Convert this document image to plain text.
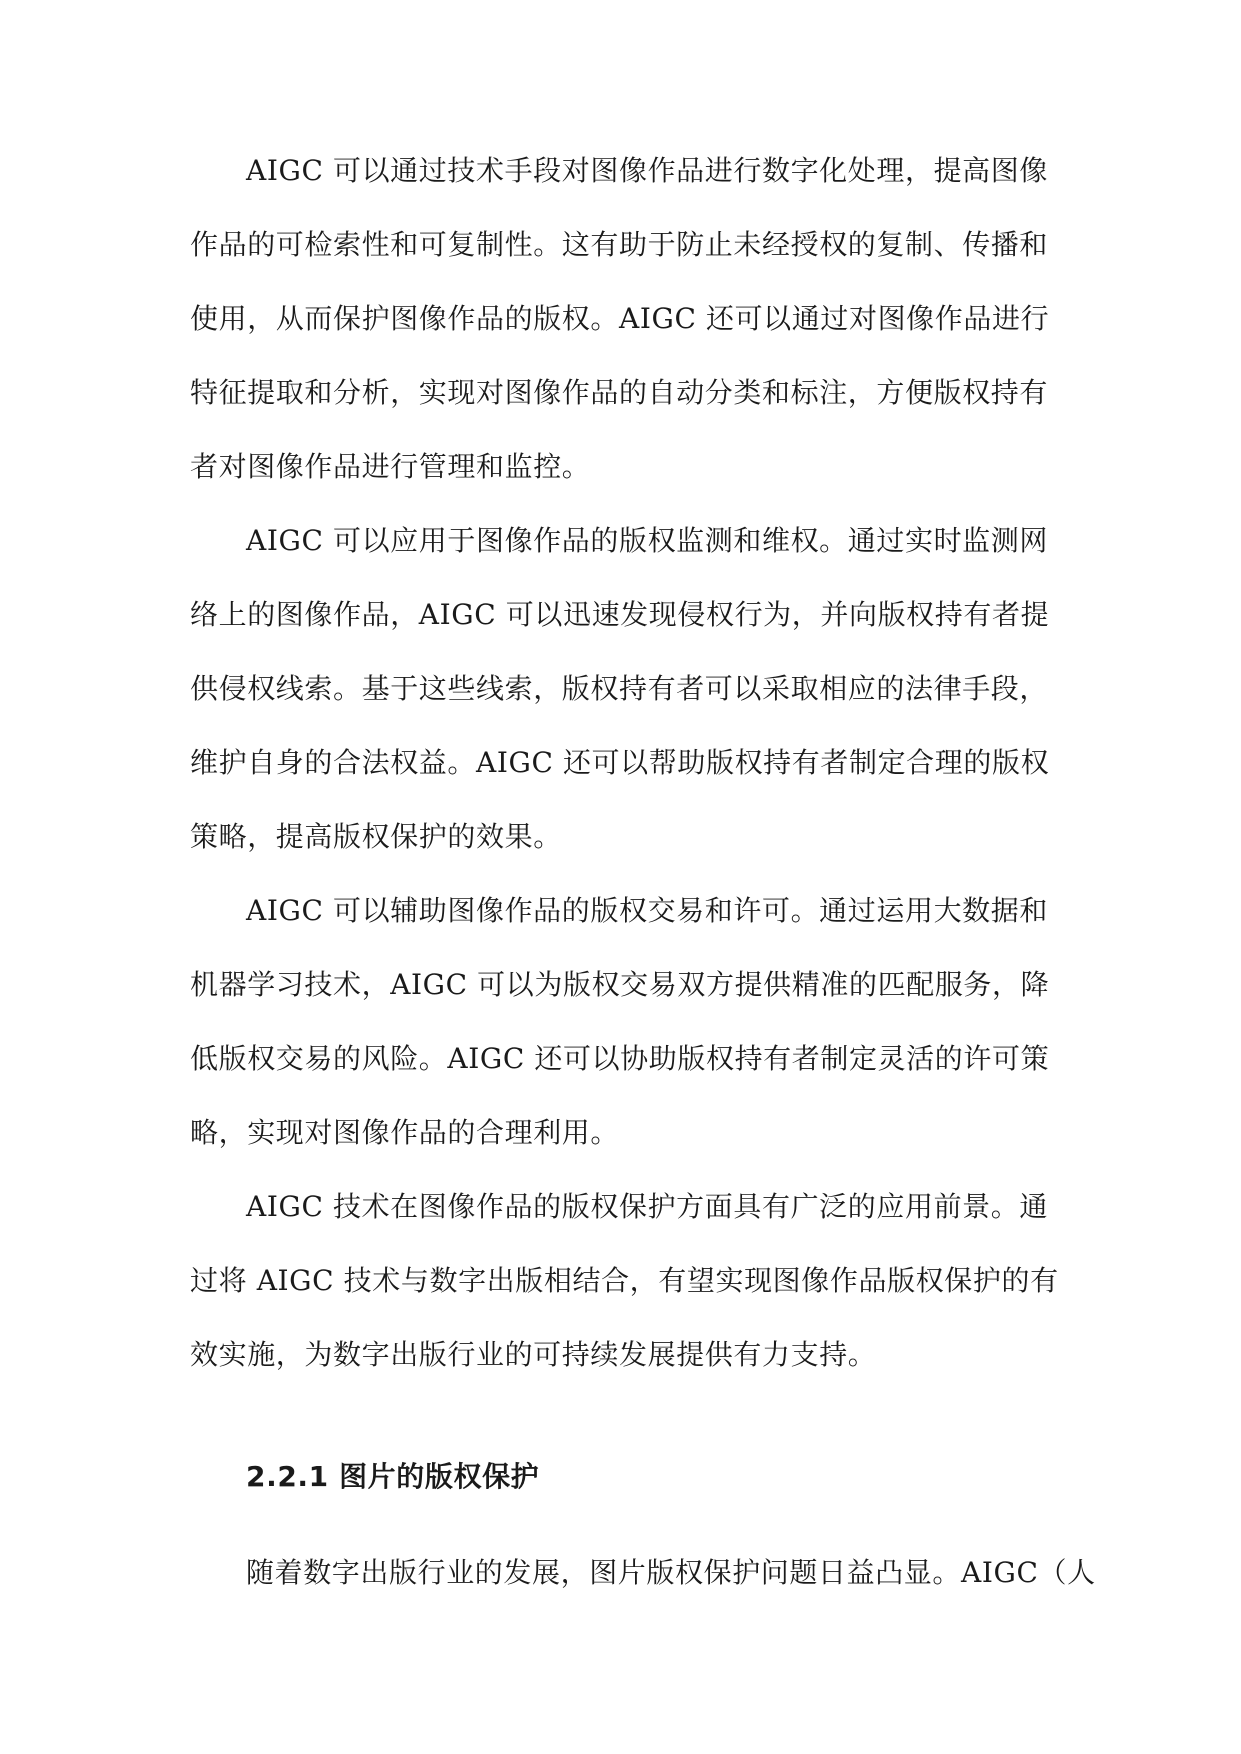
AIGC 可以通过技术手段对图像作品进行数字化处理，提高图像
作品的可检索性和可复制性。这有助于防止未经授权的复制、传播和
使用，从而保护图像作品的版权。AIGC 还可以通过对图像作品进行
特征提取和分析，实现对图像作品的自动分类和标注，方便版权持有
者对图像作品进行管理和监控。
AIGC 可以应用于图像作品的版权监测和维权。通过实时监测网
络上的图像作品，AIGC 可以迅速发现侵权行为，并向版权持有者提
供侵权线索。基于这些线索，版权持有者可以采取相应的法律手段，
维护自身的合法权益。AIGC 还可以帮助版权持有者制定合理的版权
策略，提高版权保护的效果。
AIGC 可以辅助图像作品的版权交易和许可。通过运用大数据和
机器学习技术，AIGC 可以为版权交易双方提供精准的匹配服务，降
低版权交易的风险。AIGC 还可以协助版权持有者制定灵活的许可策
略，实现对图像作品的合理利用。
AIGC 技术在图像作品的版权保护方面具有广泛的应用前景。通
过将 AIGC 技术与数字出版相结合，有望实现图像作品版权保护的有
效实施，为数字出版行业的可持续发展提供有力支持。
2.2.1 图片的版权保护
随着数字出版行业的发展，图片版权保护问题日益凸显。AIGC（人
